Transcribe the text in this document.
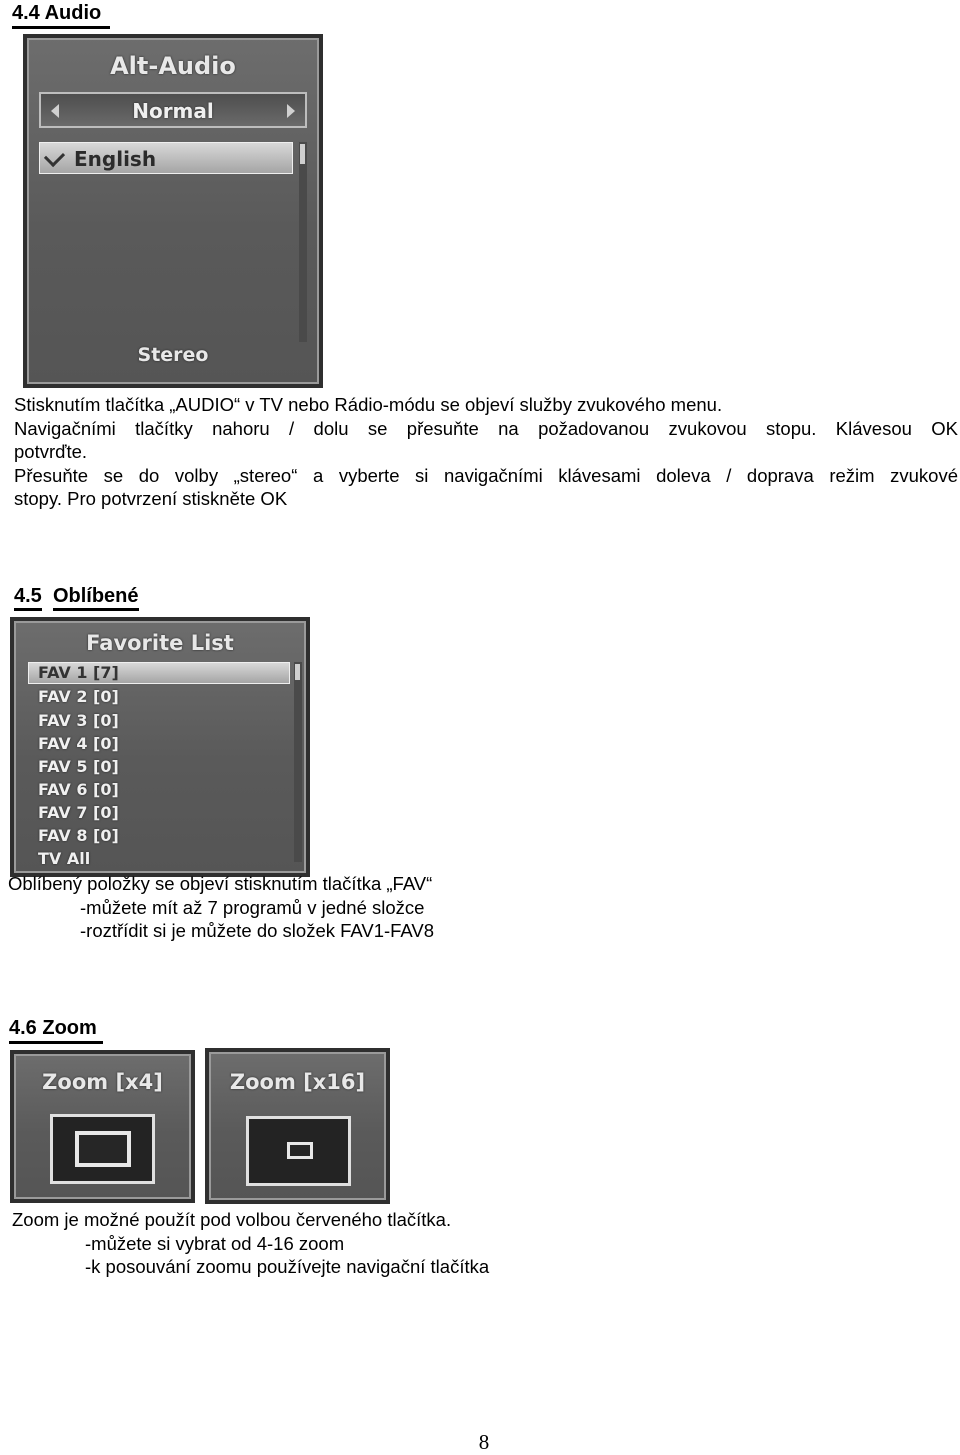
4.4 Audio
Alt-Audio
Normal
English
Stereo
Stisknutím tlačítka „AUDIO“ v TV nebo Rádio-módu se objeví služby zvukového menu.
Navigačními tlačítky nahoru / dolu se přesuňte na požadovanou zvukovou stopu. Klávesou OK
potvrďte.
Přesuňte se do volby „stereo“ a vyberte si navigačními klávesami doleva / doprava režim zvukové
stopy. Pro potvrzení stiskněte OK
4.5 Oblíbené
Favorite List
FAV 1 [7]
FAV 2 [0]
FAV 3 [0]
FAV 4 [0]
FAV 5 [0]
FAV 6 [0]
FAV 7 [0]
FAV 8 [0]
TV All
Oblíbený položky se objeví stisknutím tlačítka „FAV“
-můžete mít až 7 programů v jedné složce
-roztřídit si je můžete do složek FAV1-FAV8
4.6 Zoom
Zoom [x4]	Zoom [x16]
Zoom je možné použít pod volbou červeného tlačítka.
-můžete si vybrat od 4-16 zoom
-k posouvání zoomu používejte navigační tlačítka
8
